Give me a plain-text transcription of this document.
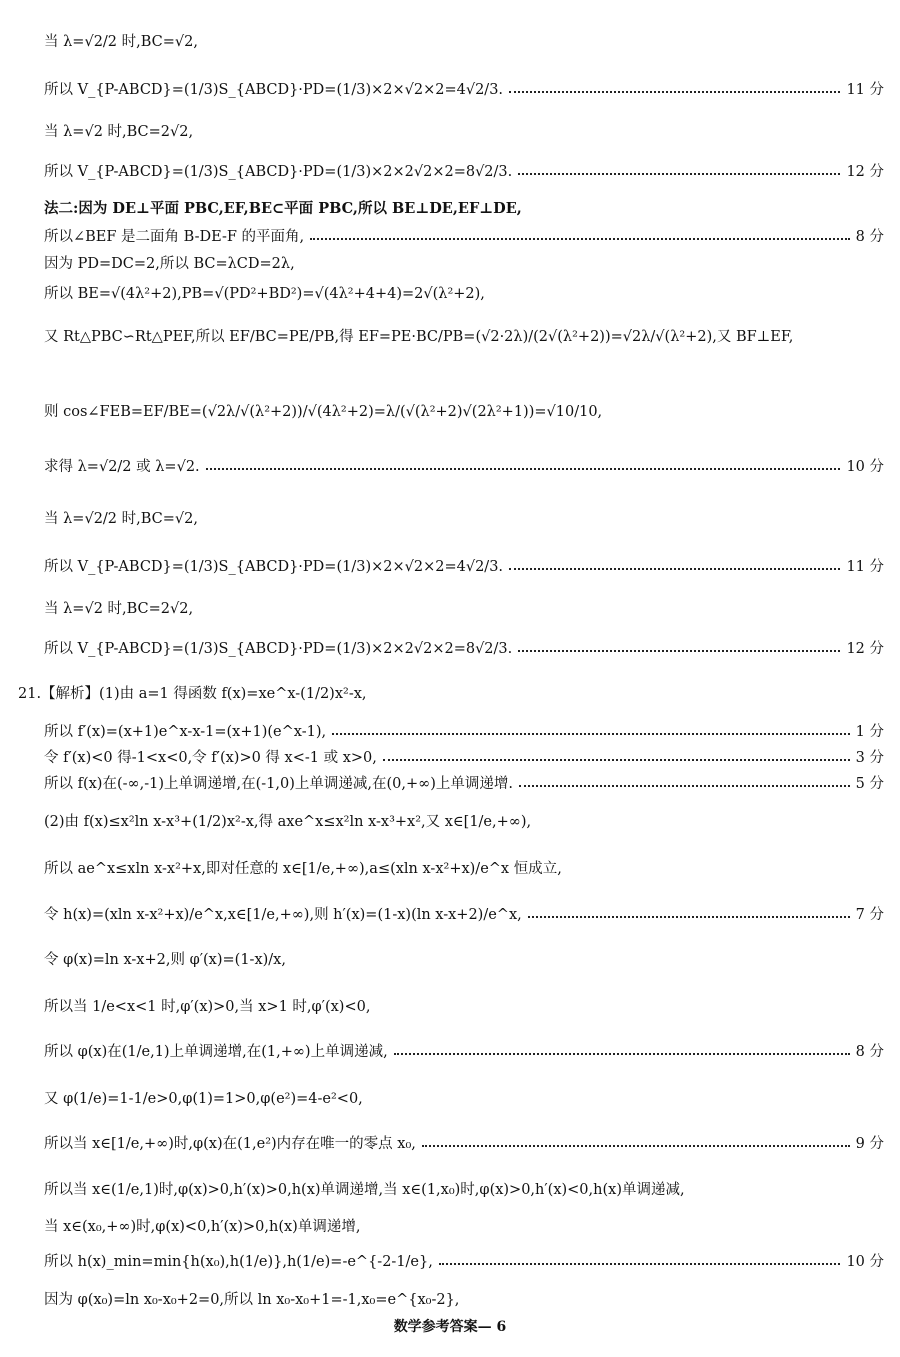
当 λ=√2/2 时,BC=√2,
所以 V_{P-ABCD}=(1/3)S_{ABCD}·PD=(1/3)×2×√2×2=4√2/3.	11 分
当 λ=√2 时,BC=2√2,
所以 V_{P-ABCD}=(1/3)S_{ABCD}·PD=(1/3)×2×2√2×2=8√2/3.	12 分
法二:因为 DE⊥平面 PBC,EF,BE⊂平面 PBC,所以 BE⊥DE,EF⊥DE,
所以∠BEF 是二面角 B-DE-F 的平面角,	8 分
因为 PD=DC=2,所以 BC=λCD=2λ,
所以 BE=√(4λ²+2),PB=√(PD²+BD²)=√(4λ²+4+4)=2√(λ²+2),
又 Rt△PBC∽Rt△PEF,所以 EF/BC=PE/PB,得 EF=PE·BC/PB=(√2·2λ)/(2√(λ²+2))=√2λ/√(λ²+2),又 BF⊥EF,
则 cos∠FEB=EF/BE=(√2λ/√(λ²+2))/√(4λ²+2)=λ/(√(λ²+2)√(2λ²+1))=√10/10,
求得 λ=√2/2 或 λ=√2.	10 分
当 λ=√2/2 时,BC=√2,
所以 V_{P-ABCD}=(1/3)S_{ABCD}·PD=(1/3)×2×√2×2=4√2/3.	11 分
当 λ=√2 时,BC=2√2,
所以 V_{P-ABCD}=(1/3)S_{ABCD}·PD=(1/3)×2×2√2×2=8√2/3.	12 分
21.【解析】(1)由 a=1 得函数 f(x)=xe^x-(1/2)x²-x,
所以 f′(x)=(x+1)e^x-x-1=(x+1)(e^x-1),	1 分
令 f′(x)<0 得-1<x<0,令 f′(x)>0 得 x<-1 或 x>0,	3 分
所以 f(x)在(-∞,-1)上单调递增,在(-1,0)上单调递减,在(0,+∞)上单调递增.	5 分
(2)由 f(x)≤x²ln x-x³+(1/2)x²-x,得 axe^x≤x²ln x-x³+x²,又 x∈[1/e,+∞),
所以 ae^x≤xln x-x²+x,即对任意的 x∈[1/e,+∞),a≤(xln x-x²+x)/e^x 恒成立,
令 h(x)=(xln x-x²+x)/e^x,x∈[1/e,+∞),则 h′(x)=(1-x)(ln x-x+2)/e^x,	7 分
令 φ(x)=ln x-x+2,则 φ′(x)=(1-x)/x,
所以当 1/e<x<1 时,φ′(x)>0,当 x>1 时,φ′(x)<0,
所以 φ(x)在(1/e,1)上单调递增,在(1,+∞)上单调递减,	8 分
又 φ(1/e)=1-1/e>0,φ(1)=1>0,φ(e²)=4-e²<0,
所以当 x∈[1/e,+∞)时,φ(x)在(1,e²)内存在唯一的零点 x₀,	9 分
所以当 x∈(1/e,1)时,φ(x)>0,h′(x)>0,h(x)单调递增,当 x∈(1,x₀)时,φ(x)>0,h′(x)<0,h(x)单调递减,
当 x∈(x₀,+∞)时,φ(x)<0,h′(x)>0,h(x)单调递增,
所以 h(x)_min=min{h(x₀),h(1/e)},h(1/e)=-e^{-2-1/e},	10 分
因为 φ(x₀)=ln x₀-x₀+2=0,所以 ln x₀-x₀+1=-1,x₀=e^{x₀-2},
数学参考答案— 6
